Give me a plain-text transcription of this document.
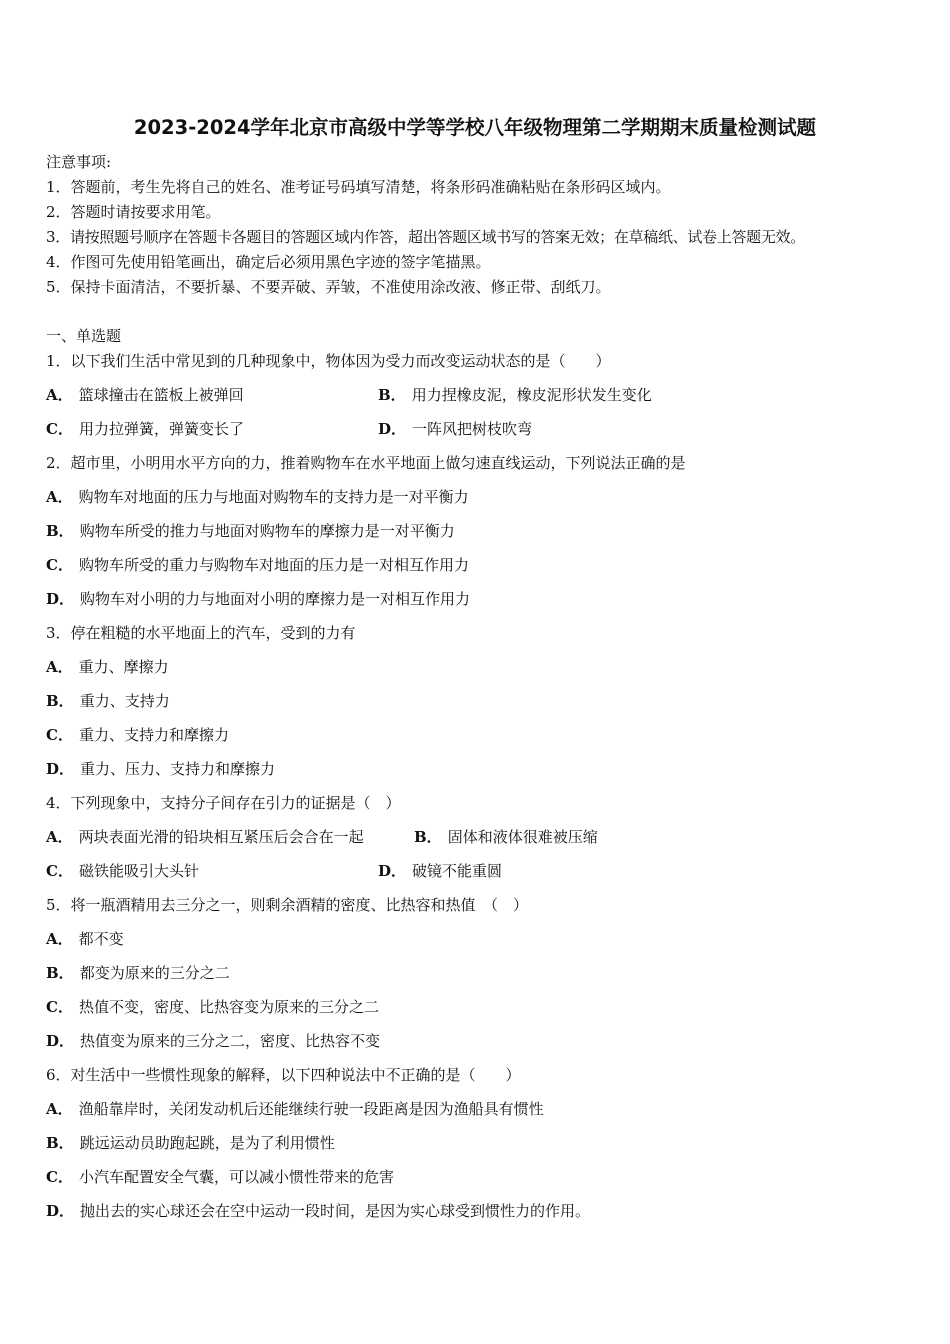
2023-2024学年北京市高级中学等学校八年级物理第二学期期末质量检测试题
注意事项:
1．答题前，考生先将自己的姓名、准考证号码填写清楚，将条形码准确粘贴在条形码区域内。
2．答题时请按要求用笔。
3．请按照题号顺序在答题卡各题目的答题区域内作答，超出答题区域书写的答案无效；在草稿纸、试卷上答题无效。
4．作图可先使用铅笔画出，确定后必须用黑色字迹的签字笔描黑。
5．保持卡面清洁，不要折暴、不要弄破、弄皱，不准使用涂改液、修正带、刮纸刀。
一、单选题
1．以下我们生活中常见到的几种现象中，物体因为受力而改变运动状态的是（　　）
A． 篮球撞击在篮板上被弹回	B． 用力捏橡皮泥，橡皮泥形状发生变化
C． 用力拉弹簧，弹簧变长了	D． 一阵风把树枝吹弯
2．超市里，小明用水平方向的力，推着购物车在水平地面上做匀速直线运动，下列说法正确的是
A． 购物车对地面的压力与地面对购物车的支持力是一对平衡力
B． 购物车所受的推力与地面对购物车的摩擦力是一对平衡力
C． 购物车所受的重力与购物车对地面的压力是一对相互作用力
D． 购物车对小明的力与地面对小明的摩擦力是一对相互作用力
3．停在粗糙的水平地面上的汽车，受到的力有
A． 重力、摩擦力
B． 重力、支持力
C． 重力、支持力和摩擦力
D． 重力、压力、支持力和摩擦力
4．下列现象中，支持分子间存在引力的证据是（　）
A． 两块表面光滑的铅块相互紧压后会合在一起	B． 固体和液体很难被压缩
C． 磁铁能吸引大头针	D． 破镜不能重圆
5．将一瓶酒精用去三分之一，则剩余酒精的密度、比热容和热值　（　）
A． 都不变
B． 都变为原来的三分之二
C． 热值不变，密度、比热容变为原来的三分之二
D． 热值变为原来的三分之二，密度、比热容不变
6．对生活中一些惯性现象的解释，以下四种说法中不正确的是（　　）
A． 渔船靠岸时，关闭发动机后还能继续行驶一段距离是因为渔船具有惯性
B． 跳远运动员助跑起跳，是为了利用惯性
C． 小汽车配置安全气囊，可以减小惯性带来的危害
D． 抛出去的实心球还会在空中运动一段时间，是因为实心球受到惯性力的作用。
